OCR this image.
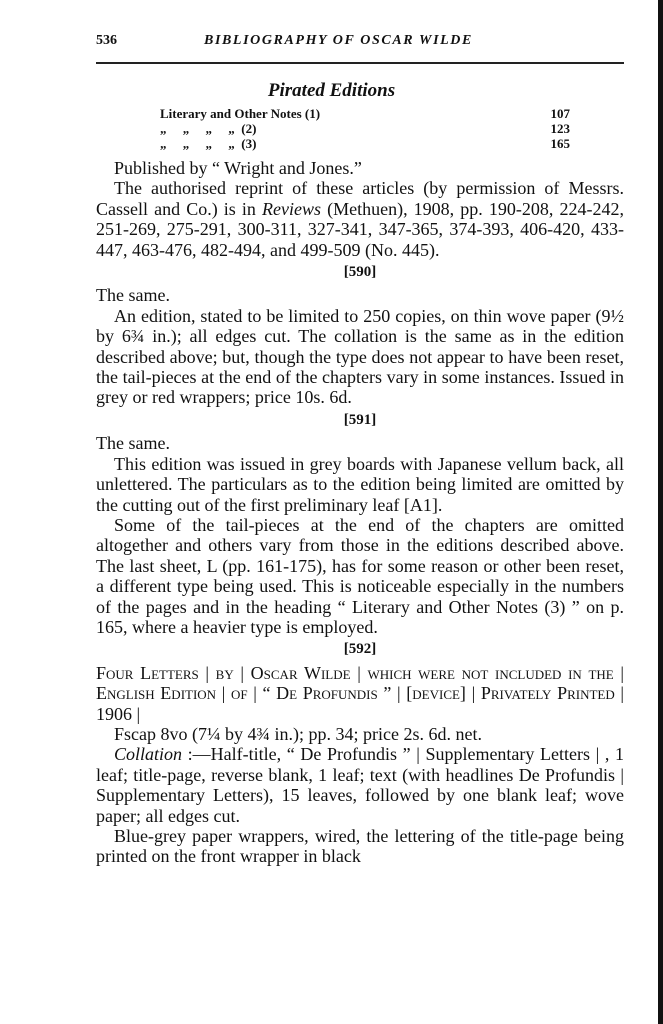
536	BIBLIOGRAPHY OF OSCAR WILDE
Pirated Editions
Literary and Other Notes (1)	107
„     „     „     „  (2)	123
„     „     „     „  (3)	165

Published by “ Wright and Jones.”

The authorised reprint of these articles (by permission of Messrs. Cassell and Co.) is in Reviews (Methuen), 1908, pp. 190-208, 224-242, 251-269, 275-291, 300-311, 327-341, 347-365, 374-393, 406-420, 433-447, 463-476, 482-494, and 499-509 (No. 445).

[590]

The same.

An edition, stated to be limited to 250 copies, on thin wove paper (9½ by 6¾ in.); all edges cut. The collation is the same as in the edition described above; but, though the type does not appear to have been reset, the tail-pieces at the end of the chapters vary in some instances. Issued in grey or red wrappers; price 10s. 6d.

[591]

The same.

This edition was issued in grey boards with Japanese vellum back, all unlettered. The particulars as to the edition being limited are omitted by the cutting out of the first preliminary leaf [A1].

Some of the tail-pieces at the end of the chapters are omitted altogether and others vary from those in the editions described above. The last sheet, L (pp. 161-175), has for some reason or other been reset, a different type being used. This is noticeable especially in the numbers of the pages and in the heading “ Literary and Other Notes (3) ” on p. 165, where a heavier type is employed.

[592]

Four Letters | by | Oscar Wilde | which were not included in the | English Edition | of | “ De Profundis ” | [device] | Privately Printed | 1906 |

Fscap 8vo (7¼ by 4¾ in.); pp. 34; price 2s. 6d. net.

Collation :—Half-title, “ De Profundis ” | Supplementary Letters | , 1 leaf; title-page, reverse blank, 1 leaf; text (with headlines De Profundis | Supplementary Letters), 15 leaves, followed by one blank leaf; wove paper; all edges cut.

Blue-grey paper wrappers, wired, the lettering of the title-page being printed on the front wrapper in black
